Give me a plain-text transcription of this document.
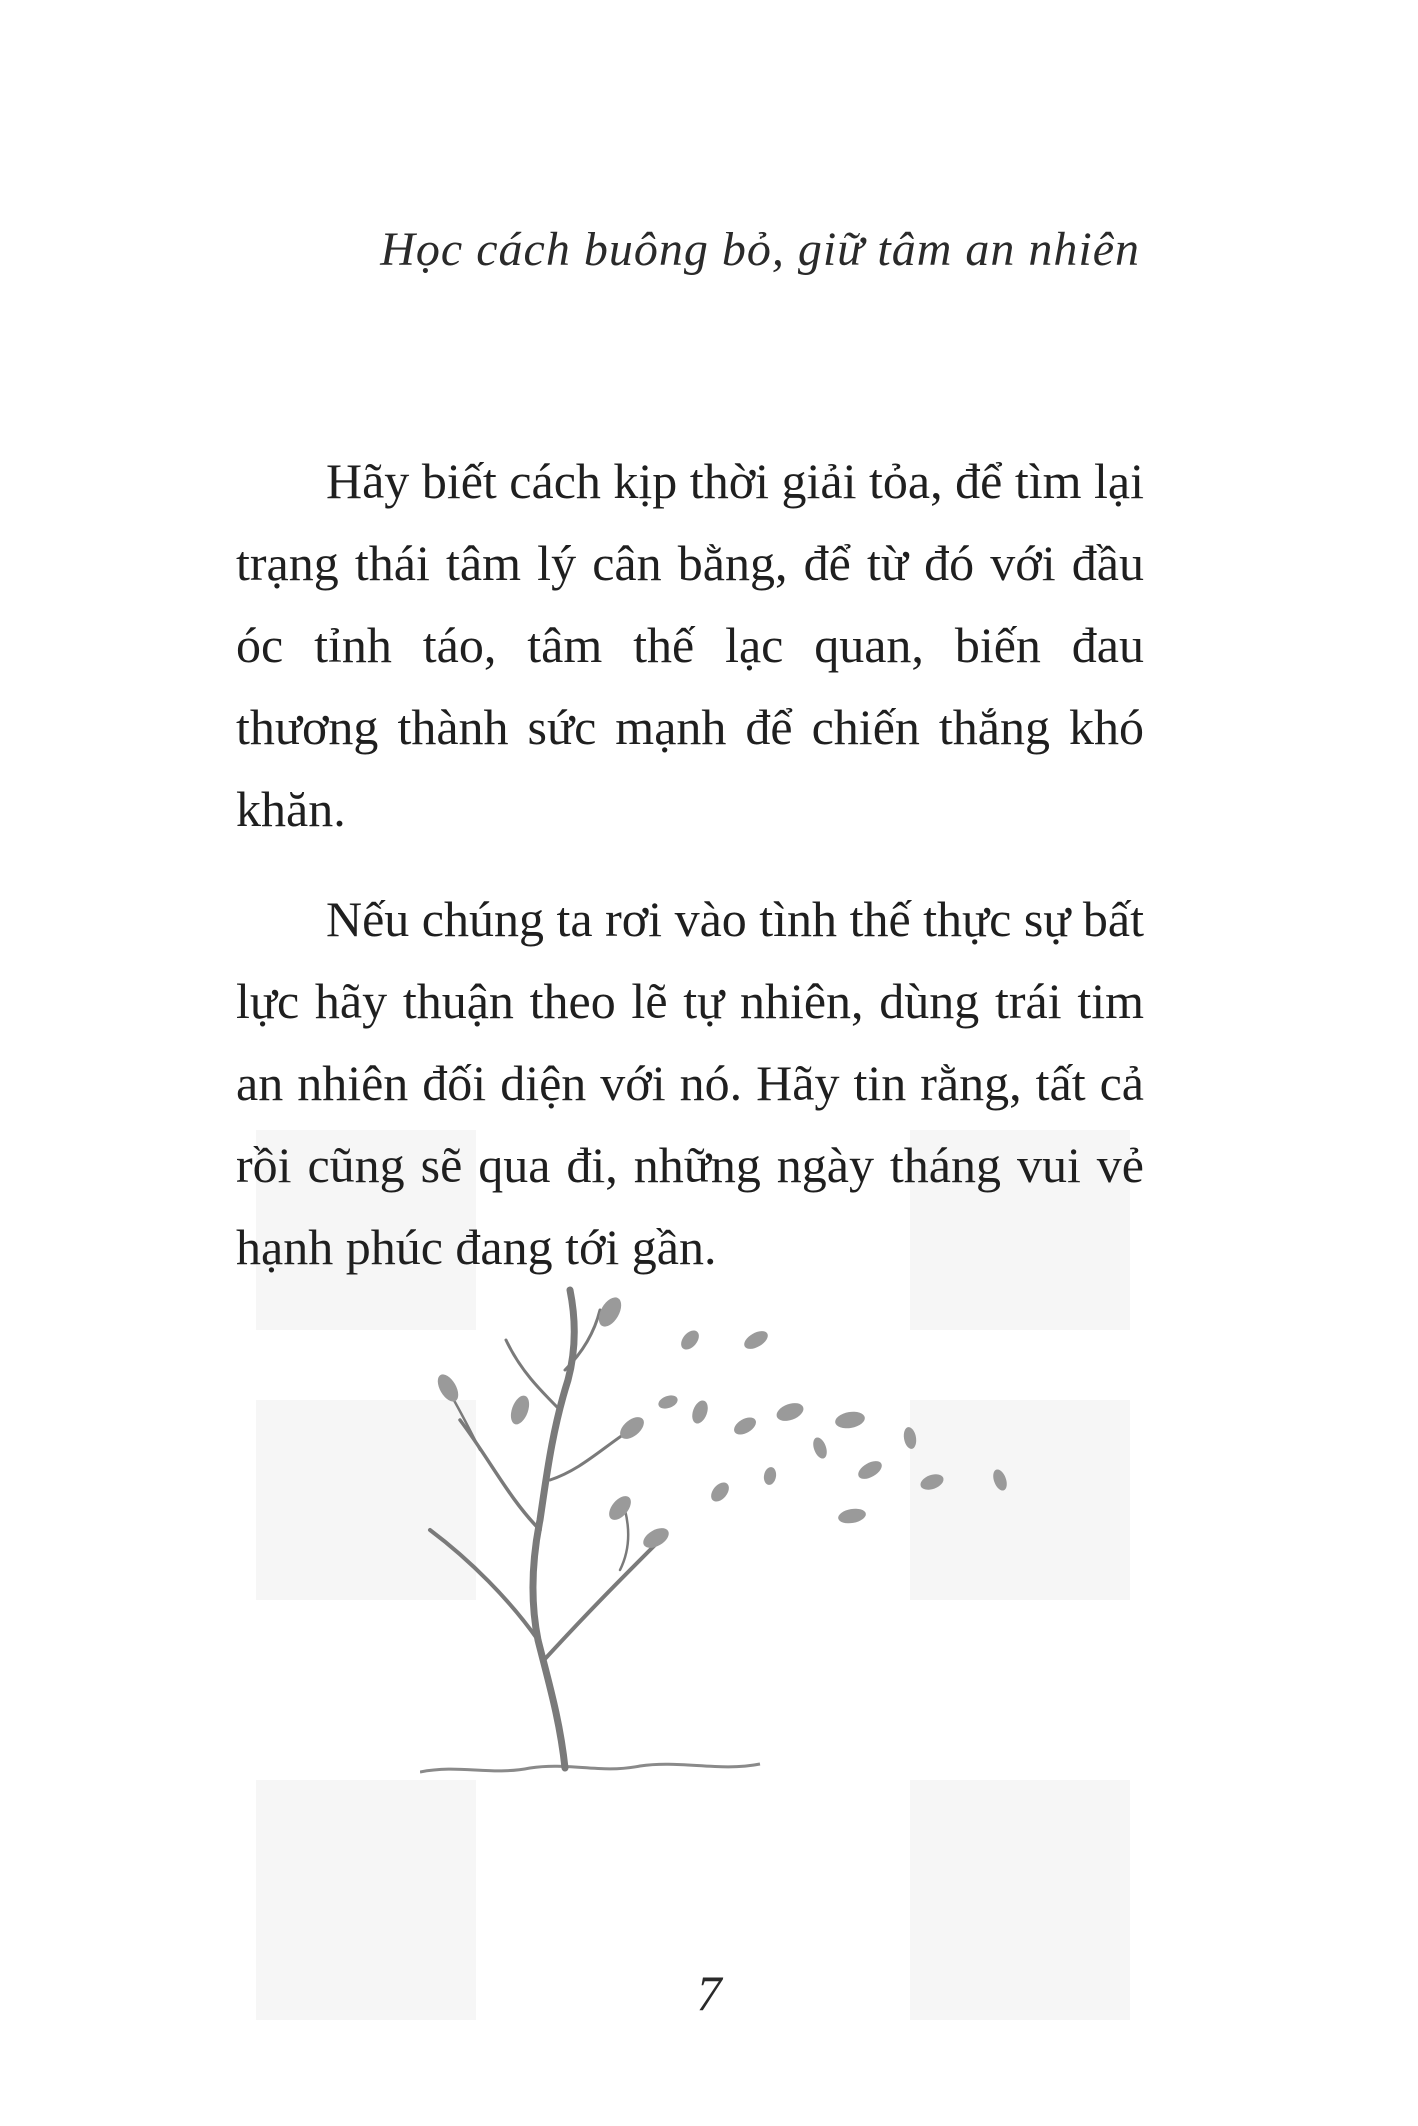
Học cách buông bỏ, giữ tâm an nhiên

Hãy biết cách kịp thời giải tỏa, để tìm lại trạng thái tâm lý cân bằng, để từ đó với đầu óc tỉnh táo, tâm thế lạc quan, biến đau thương thành sức mạnh để chiến thắng khó khăn.

Nếu chúng ta rơi vào tình thế thực sự bất lực hãy thuận theo lẽ tự nhiên, dùng trái tim an nhiên đối diện với nó. Hãy tin rằng, tất cả rồi cũng sẽ qua đi, những ngày tháng vui vẻ hạnh phúc đang tới gần.

7
